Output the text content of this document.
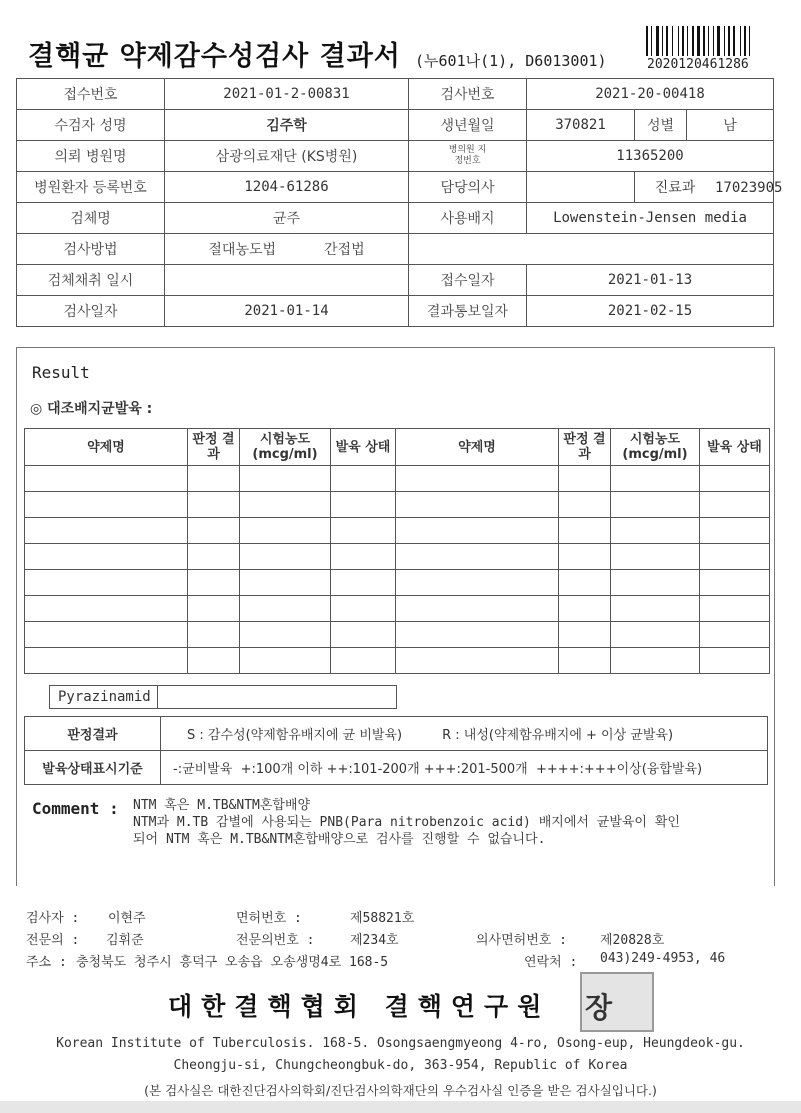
결핵균 약제감수성검사 결과서 (누601나(1), D6013001)	2020120461286
접수번호	2021-01-2-00831	검사번호	2021-20-00418		
수검자 성명	김주학	생년월일	370821	성별	남
의뢰 병원명	삼광의료재단 (KS병원)	병의원 지정번호	11365200		
병원환자 등록번호	1204-61286	담당의사		진료과 17023905	
검체명	균주	사용배지	Lowenstein-Jensen media		
검사방법	절대농도법 간접법				
검체채취 일시		접수일자	2021-01-13		
검사일자	2021-01-14	결과통보일자	2021-02-15		
Result
◎ 대조배지균발육 :
약제명	판정 결과	시험농도 (mcg/ml)	발육 상태	약제명	판정 결과	시험농도 (mcg/ml)	발육 상태

Pyrazinamid	
판정결과	S : 감수성(약제함유배지에 균 비발육) R : 내성(약제함유배지에 + 이상 균발육)
발육상태표시기준	-:균비발육  +:100개 이하 ++:101-200개 +++:201-500개  ++++:+++이상(융합발육)
Comment : NTM 혹은 M.TB&NTM혼합배양
NTM과 M.TB 감별에 사용되는 PNB(Para nitrobenzoic acid) 배지에서 균발육이 확인
되어 NTM 혹은 M.TB&NTM혼합배양으로 검사를 진행할 수 없습니다.
검사자 : 이현주	면허번호 :	제58821호
전문의 : 김휘준	전문의번호 :	제234호	의사면허번호 :	제20828호
주소 : 충청북도 청주시 흥덕구 오송읍 오송생명4로 168-5	연락처 : 043)249-4953, 46
장
대한결핵협회 결핵연구원
Korean Institute of Tuberculosis. 168-5. Osongsaengmyeong 4-ro, Osong-eup, Heungdeok-gu.
Cheongju-si, Chungcheongbuk-do, 363-954, Republic of Korea
(본 검사실은 대한진단검사의학회/진단검사의학재단의 우수검사실 인증을 받은 검사실입니다.)
